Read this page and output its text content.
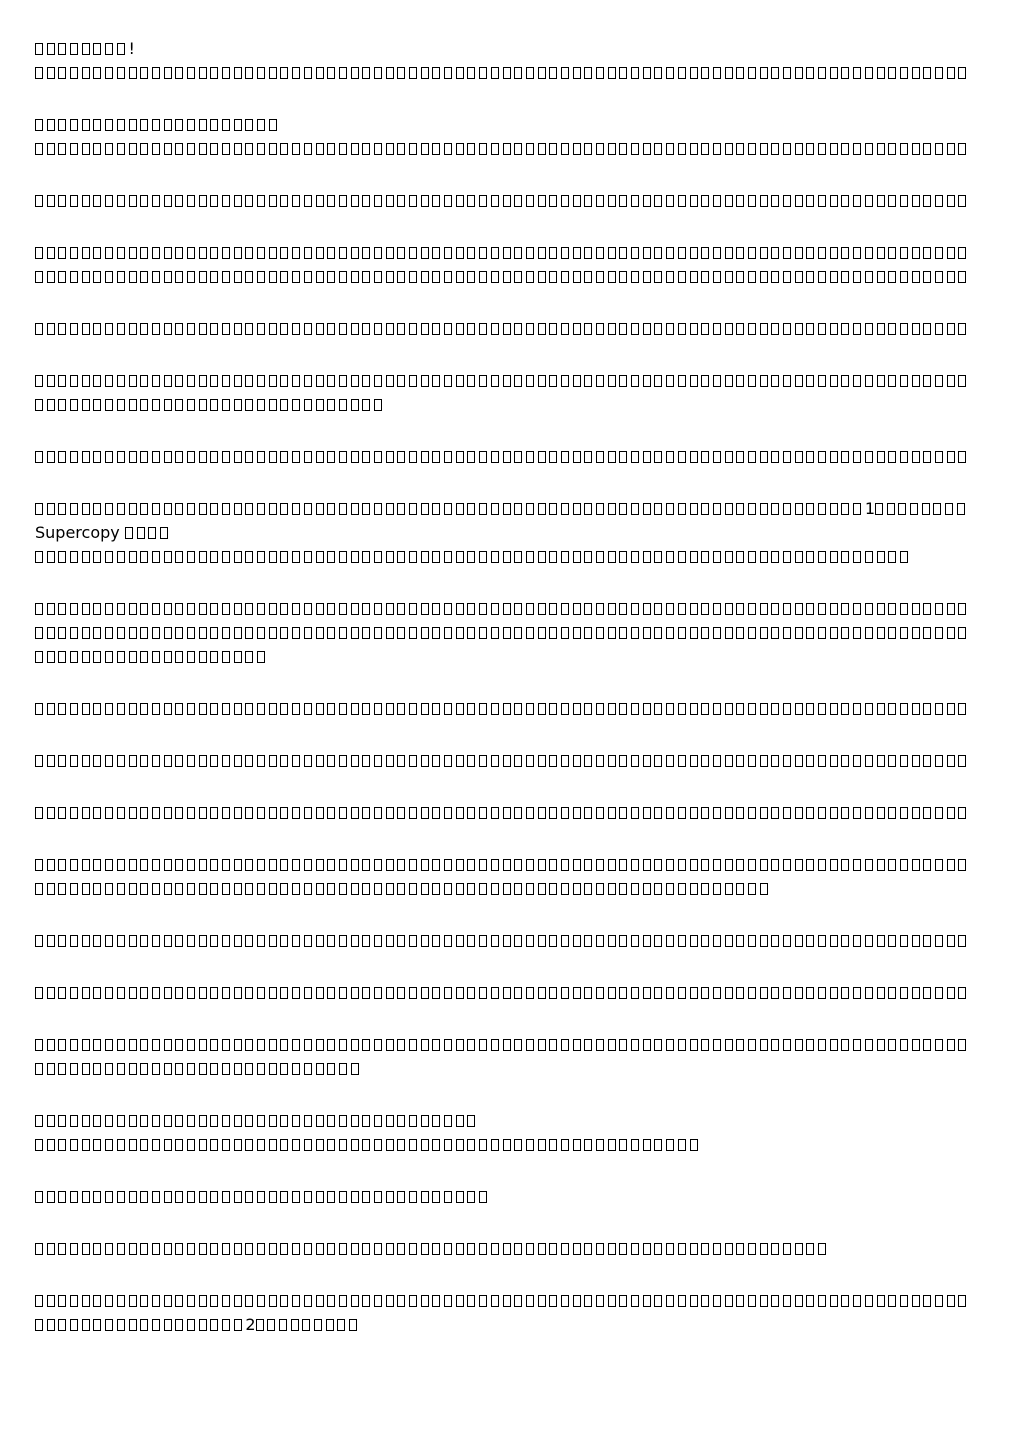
!
1
Supercopy
2
